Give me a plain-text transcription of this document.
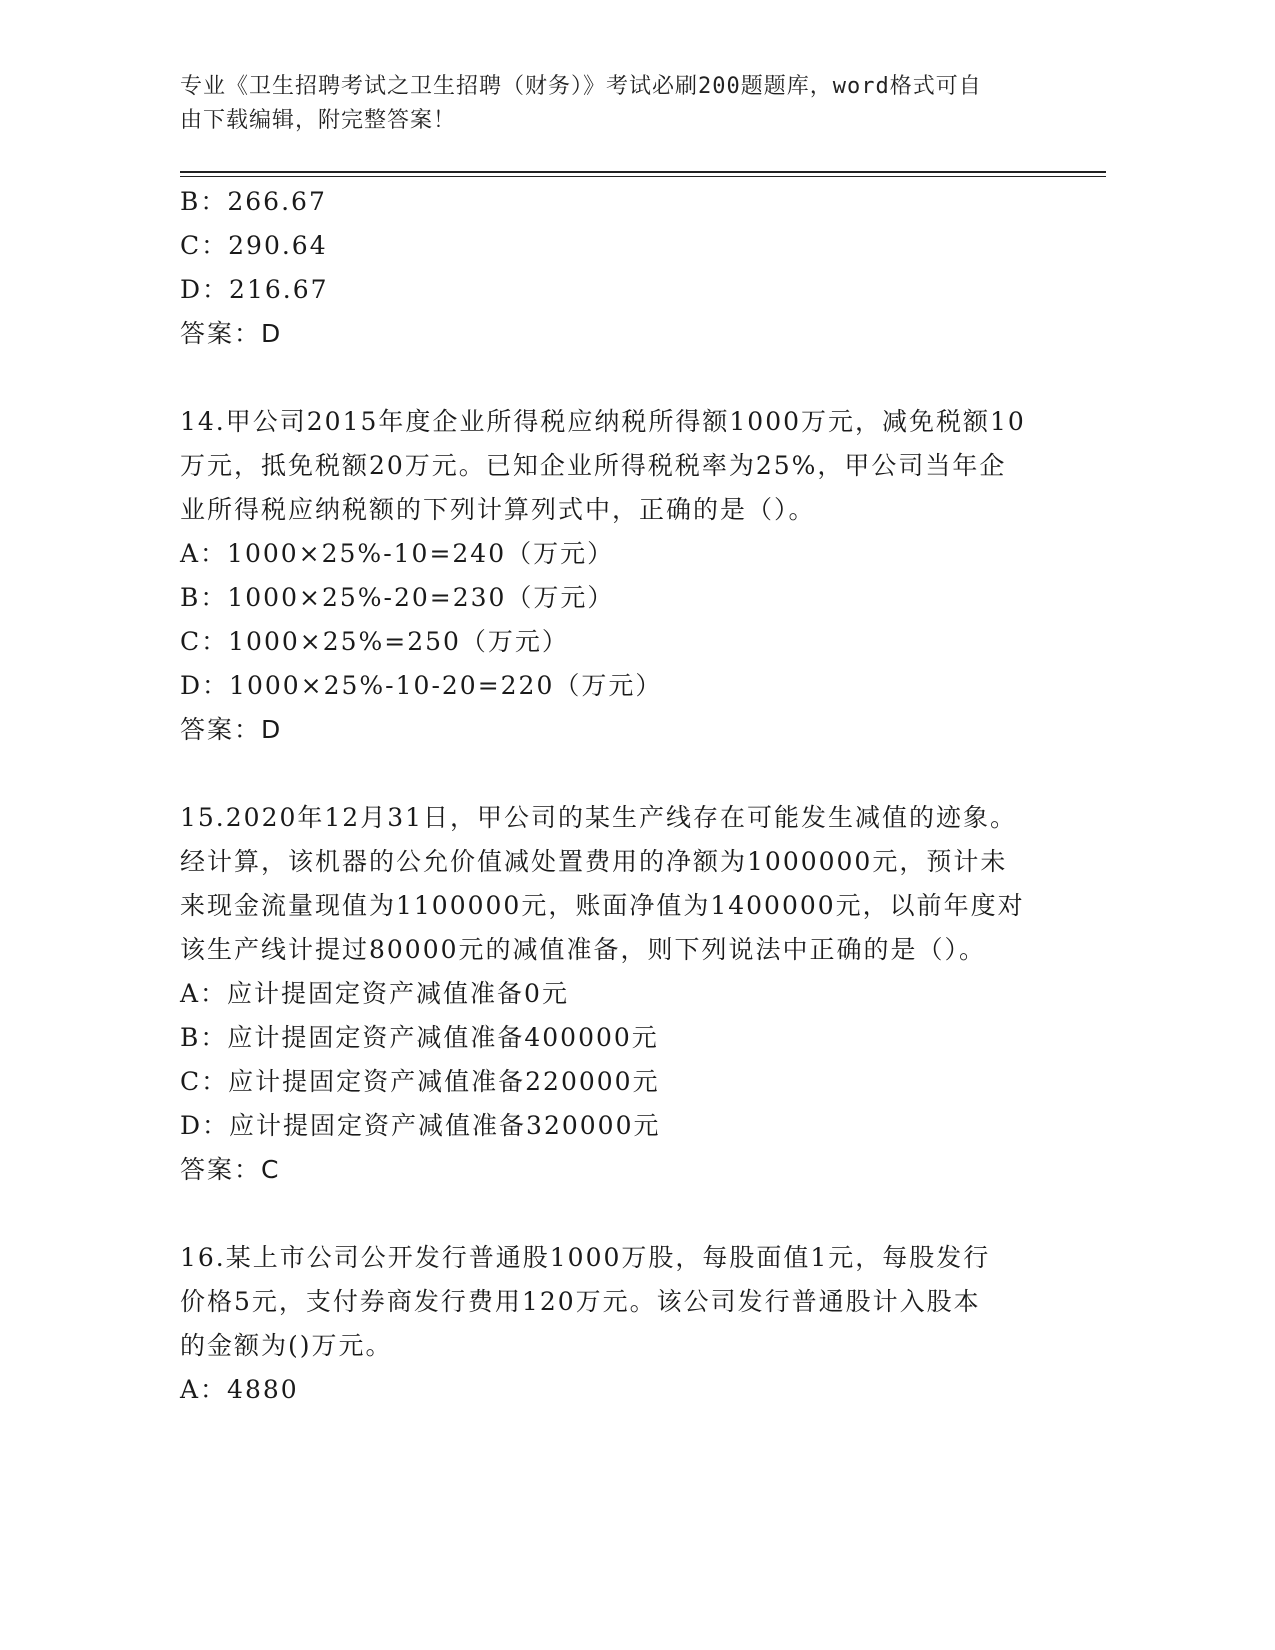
专业《卫生招聘考试之卫生招聘（财务）》考试必刷200题题库，word格式可自
由下载编辑，附完整答案！
B：266.67
C：290.64
D：216.67
答案：D
14.甲公司2015年度企业所得税应纳税所得额1000万元，减免税额10
万元，抵免税额20万元。已知企业所得税税率为25%，甲公司当年企
业所得税应纳税额的下列计算列式中，正确的是（）。
A：1000×25%-10=240（万元）
B：1000×25%-20=230（万元）
C：1000×25%=250（万元）
D：1000×25%-10-20=220（万元）
答案：D
15.2020年12月31日，甲公司的某生产线存在可能发生减值的迹象。
经计算，该机器的公允价值减处置费用的净额为1000000元，预计未
来现金流量现值为1100000元，账面净值为1400000元，以前年度对
该生产线计提过80000元的减值准备，则下列说法中正确的是（）。
A：应计提固定资产减值准备0元
B：应计提固定资产减值准备400000元
C：应计提固定资产减值准备220000元
D：应计提固定资产减值准备320000元
答案：C
16.某上市公司公开发行普通股1000万股，每股面值1元，每股发行
价格5元，支付券商发行费用120万元。该公司发行普通股计入股本
的金额为()万元。
A：4880
